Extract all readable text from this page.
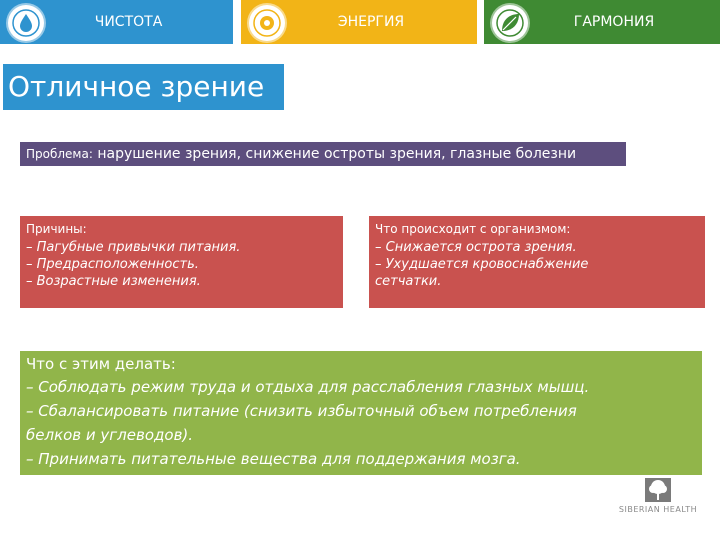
ЧИСТОТА	ЭНЕРГИЯ	ГАРМОНИЯ
Отличное зрение
Проблема: нарушение зрения, снижение остроты зрения, глазные болезни
Причины:
– Пагубные привычки питания.
– Предрасположенность.
– Возрастные изменения.
Что происходит с организмом:
– Снижается острота зрения.
– Ухудшается кровоснабжение
сетчатки.
Что с этим делать:
– Соблюдать режим труда и отдыха для расслабления глазных мышц.
– Сбалансировать питание (снизить избыточный объем потребления
белков и углеводов).
– Принимать питательные вещества для поддержания мозга.
SIBERIAN HEALTH
